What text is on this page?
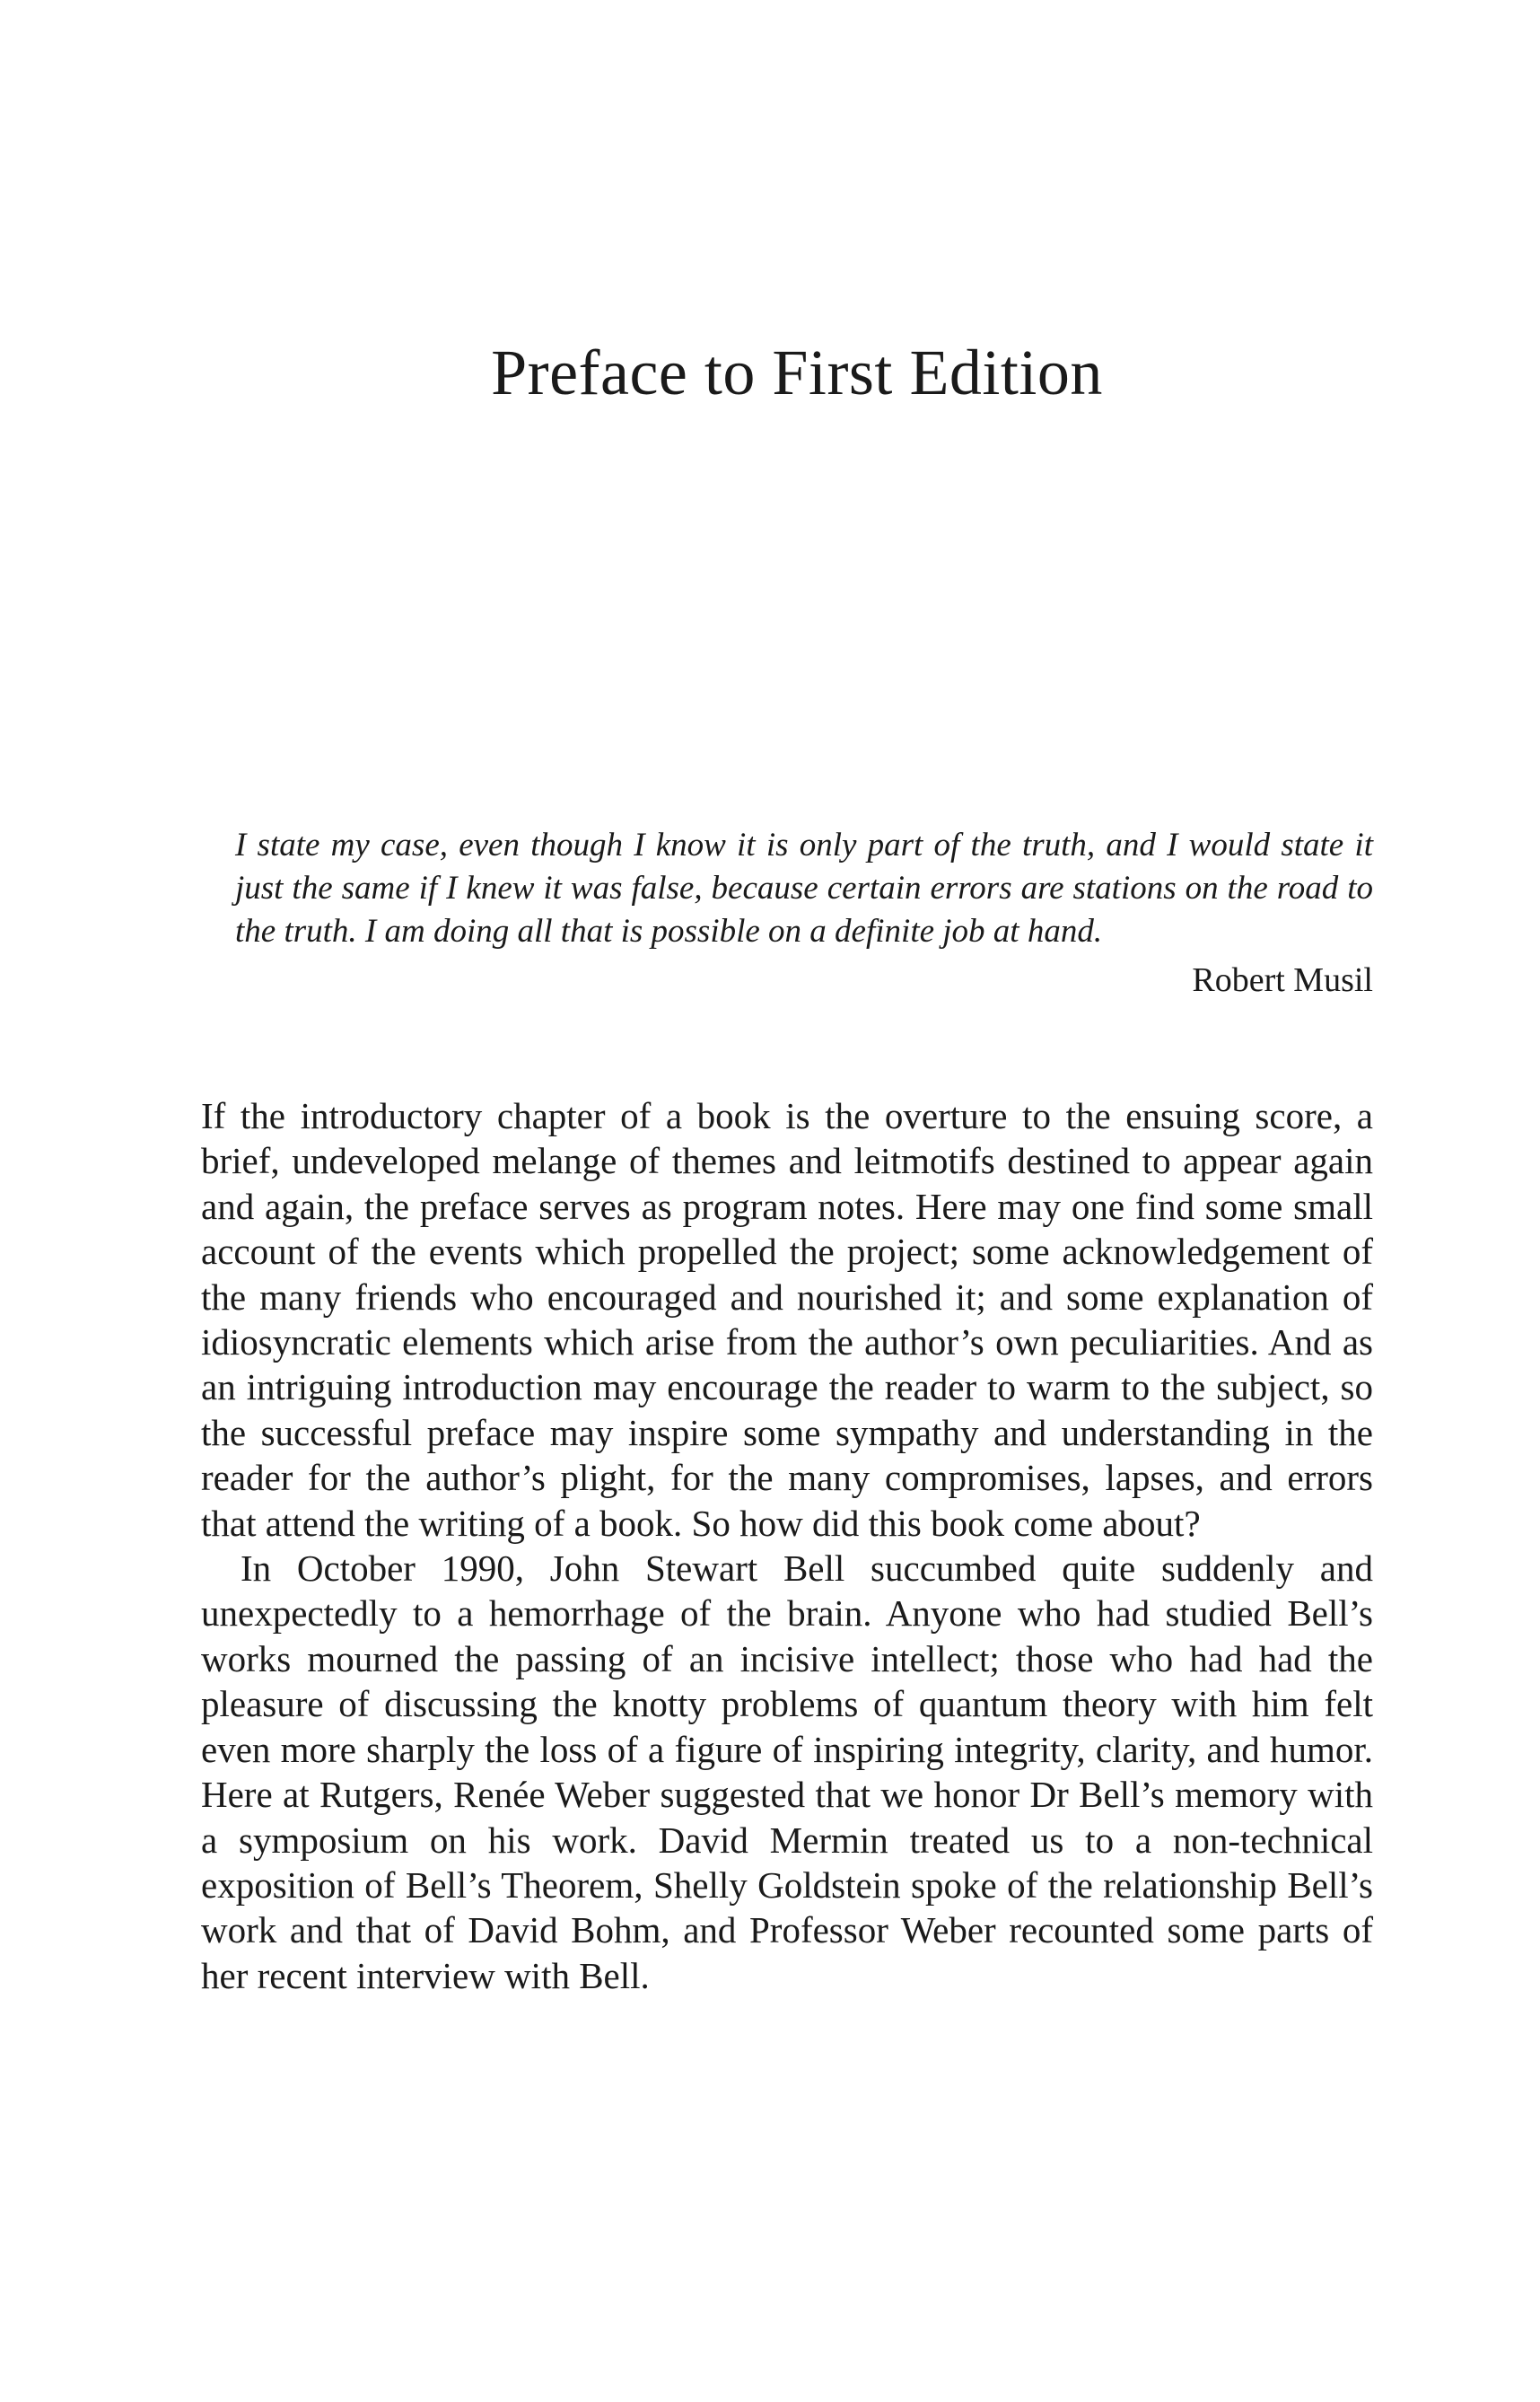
Preface to First Edition

I state my case, even though I know it is only part of the truth, and I would state it just the same if I knew it was false, because certain errors are stations on the road to the truth. I am doing all that is possible on a definite job at hand.

Robert Musil

If the introductory chapter of a book is the overture to the ensuing score, a brief, undeveloped melange of themes and leitmotifs destined to appear again and again, the preface serves as program notes. Here may one find some small account of the events which propelled the project; some acknowledgement of the many friends who encouraged and nourished it; and some explanation of idiosyncratic elements which arise from the author’s own peculiarities. And as an intriguing introduction may encourage the reader to warm to the subject, so the successful preface may inspire some sympathy and understanding in the reader for the author’s plight, for the many compromises, lapses, and errors that attend the writing of a book. So how did this book come about?

In October 1990, John Stewart Bell succumbed quite suddenly and unexpectedly to a hemorrhage of the brain. Anyone who had studied Bell’s works mourned the passing of an incisive intellect; those who had had the pleasure of discussing the knotty problems of quantum theory with him felt even more sharply the loss of a figure of inspiring integrity, clarity, and humor. Here at Rutgers, Renée Weber suggested that we honor Dr Bell’s memory with a symposium on his work. David Mermin treated us to a non-technical exposition of Bell’s Theorem, Shelly Goldstein spoke of the relationship Bell’s work and that of David Bohm, and Professor Weber recounted some parts of her recent interview with Bell.
